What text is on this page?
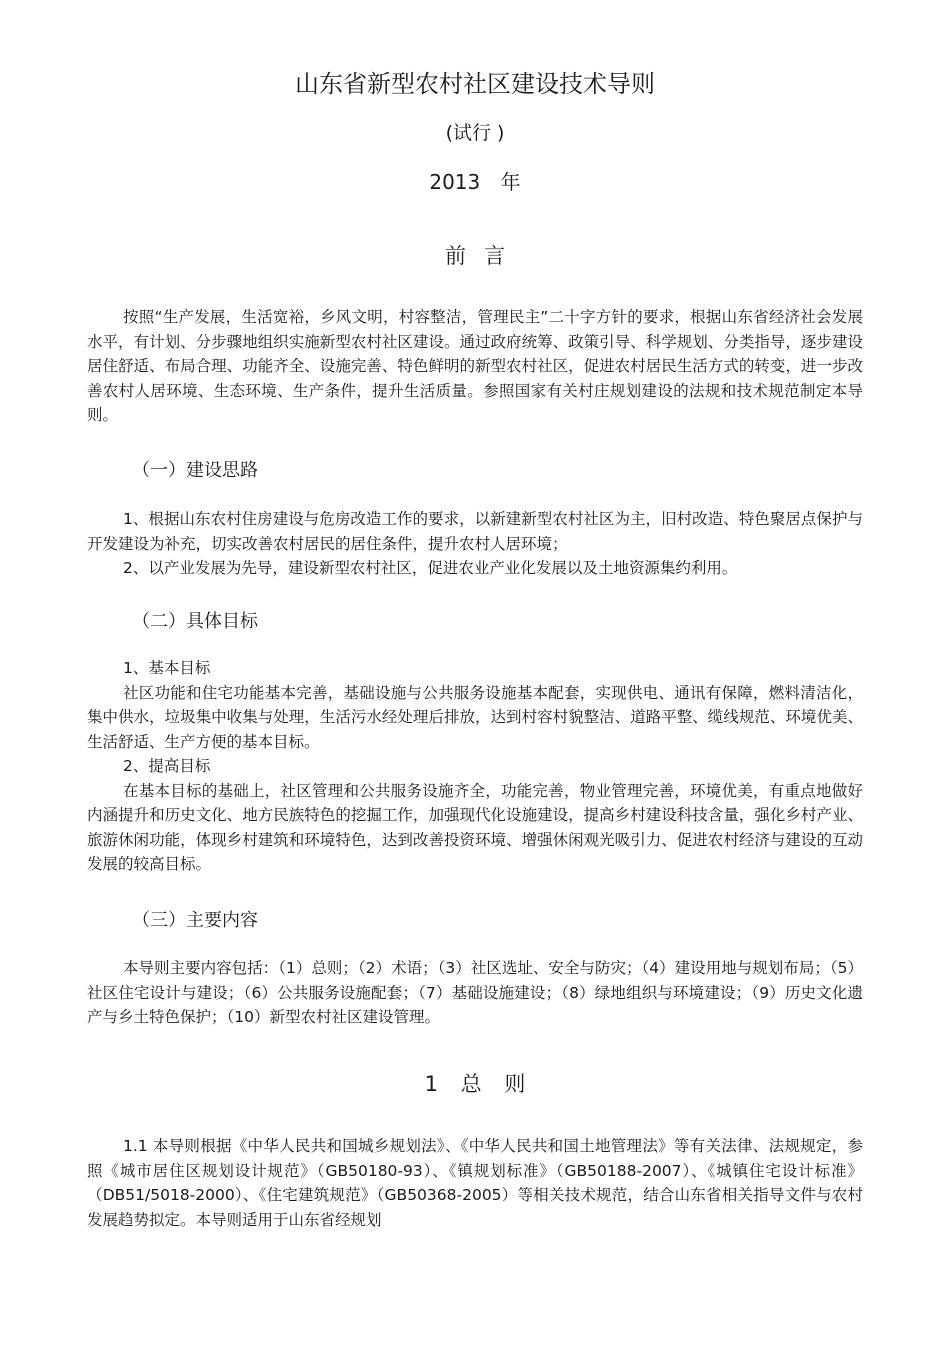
山东省新型农村社区建设技术导则
(试行 )
2013 年
前言

按照“生产发展，生活宽裕，乡风文明，村容整洁，管理民主”二十字方针的要求，根据山东省经济社会发展水平，有计划、分步骤地组织实施新型农村社区建设。通过政府统筹、政策引导、科学规划、分类指导，逐步建设居住舒适、布局合理、功能齐全、设施完善、特色鲜明的新型农村社区，促进农村居民生活方式的转变，进一步改善农村人居环境、生态环境、生产条件，提升生活质量。参照国家有关村庄规划建设的法规和技术规范制定本导则。

（一）建设思路

1、根据山东农村住房建设与危房改造工作的要求，以新建新型农村社区为主，旧村改造、特色聚居点保护与开发建设为补充，切实改善农村居民的居住条件，提升农村人居环境；

2、以产业发展为先导，建设新型农村社区，促进农业产业化发展以及土地资源集约利用。

（二）具体目标

1、基本目标

社区功能和住宅功能基本完善，基础设施与公共服务设施基本配套，实现供电、通讯有保障，燃料清洁化，集中供水，垃圾集中收集与处理，生活污水经处理后排放，达到村容村貌整洁、道路平整、缆线规范、环境优美、生活舒适、生产方便的基本目标。

2、提高目标

在基本目标的基础上，社区管理和公共服务设施齐全，功能完善，物业管理完善，环境优美，有重点地做好内涵提升和历史文化、地方民族特色的挖掘工作，加强现代化设施建设，提高乡村建设科技含量，强化乡村产业、旅游休闲功能，体现乡村建筑和环境特色，达到改善投资环境、增强休闲观光吸引力、促进农村经济与建设的互动发展的较高目标。

（三）主要内容

本导则主要内容包括：（1）总则；（2）术语；（3）社区选址、安全与防灾；（4）建设用地与规划布局；（5）社区住宅设计与建设；（6）公共服务设施配套；（7）基础设施建设；（8）绿地组织与环境建设；（9）历史文化遗产与乡土特色保护；（10）新型农村社区建设管理。

1 总 则

1.1 本导则根据《中华人民共和国城乡规划法》、《中华人民共和国土地管理法》等有关法律、法规规定，参照《城市居住区规划设计规范》（GB50180-93）、《镇规划标准》（GB50188-2007）、《城镇住宅设计标准》（DB51/5018-2000）、《住宅建筑规范》（GB50368-2005）等相关技术规范，结合山东省相关指导文件与农村发展趋势拟定。本导则适用于山东省经规划
